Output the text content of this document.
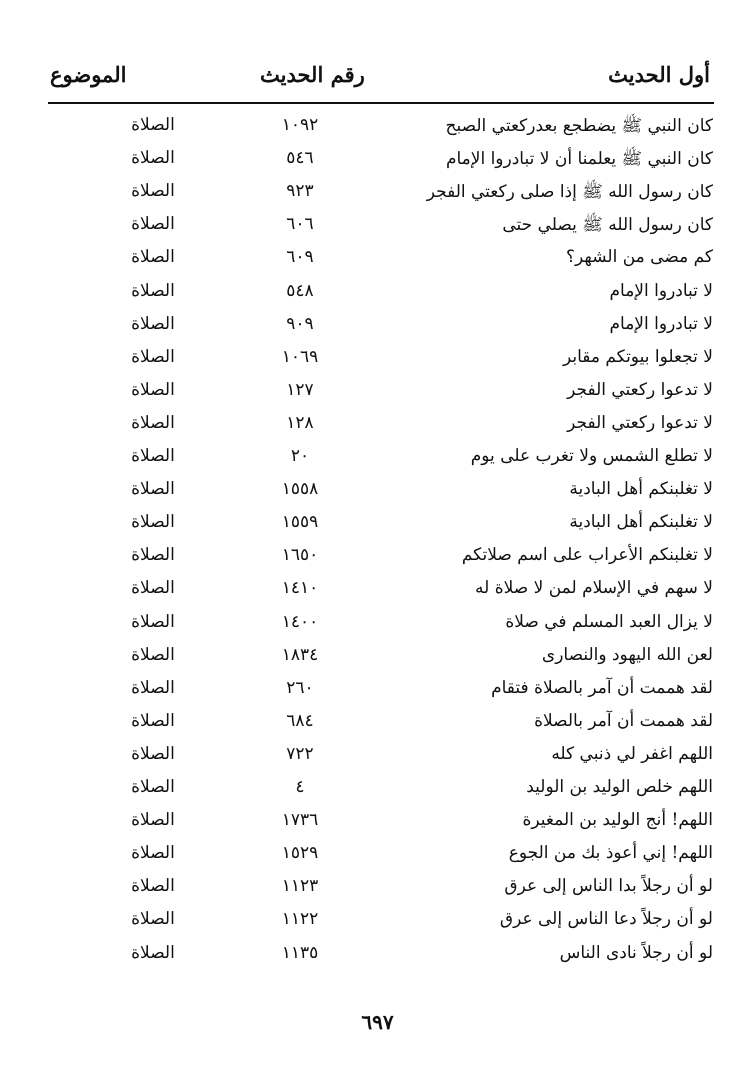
أول الحديث
رقم الحديث
الموضوع
كان النبي ﷺ يضطجع بعدركعتي الصبح
١٠٩٢
الصلاة
كان النبي ﷺ يعلمنا أن لا تبادروا الإمام
٥٤٦
الصلاة
كان رسول الله ﷺ إذا صلى ركعتي الفجر
٩٢٣
الصلاة
كان رسول الله ﷺ يصلي حتى
٦٠٦
الصلاة
كم مضى من الشهر؟
٦٠٩
الصلاة
لا تبادروا الإمام
٥٤٨
الصلاة
لا تبادروا الإمام
٩٠٩
الصلاة
لا تجعلوا بيوتكم مقابر
١٠٦٩
الصلاة
لا تدعوا ركعتي الفجر
١٢٧
الصلاة
لا تدعوا ركعتي الفجر
١٢٨
الصلاة
لا تطلع الشمس ولا تغرب على يوم
٢٠
الصلاة
لا تغلبنكم أهل البادية
١٥٥٨
الصلاة
لا تغلبنكم أهل البادية
١٥٥٩
الصلاة
لا تغلبنكم الأعراب على اسم صلاتكم
١٦٥٠
الصلاة
لا سهم في الإسلام لمن لا صلاة له
١٤١٠
الصلاة
لا يزال العبد المسلم في صلاة
١٤٠٠
الصلاة
لعن الله اليهود والنصارى
١٨٣٤
الصلاة
لقد هممت أن آمر بالصلاة فتقام
٢٦٠
الصلاة
لقد هممت أن آمر بالصلاة
٦٨٤
الصلاة
اللهم اغفر لي ذنبي كله
٧٢٢
الصلاة
اللهم خلص الوليد بن الوليد
٤
الصلاة
اللهم! أنج الوليد بن المغيرة
١٧٣٦
الصلاة
اللهم! إني أعوذ بك من الجوع
١٥٢٩
الصلاة
لو أن رجلاً بدا الناس إلى عرق
١١٢٣
الصلاة
لو أن رجلاً دعا الناس إلى عرق
١١٢٢
الصلاة
لو أن رجلاً نادى الناس
١١٣٥
الصلاة
٦٩٧
